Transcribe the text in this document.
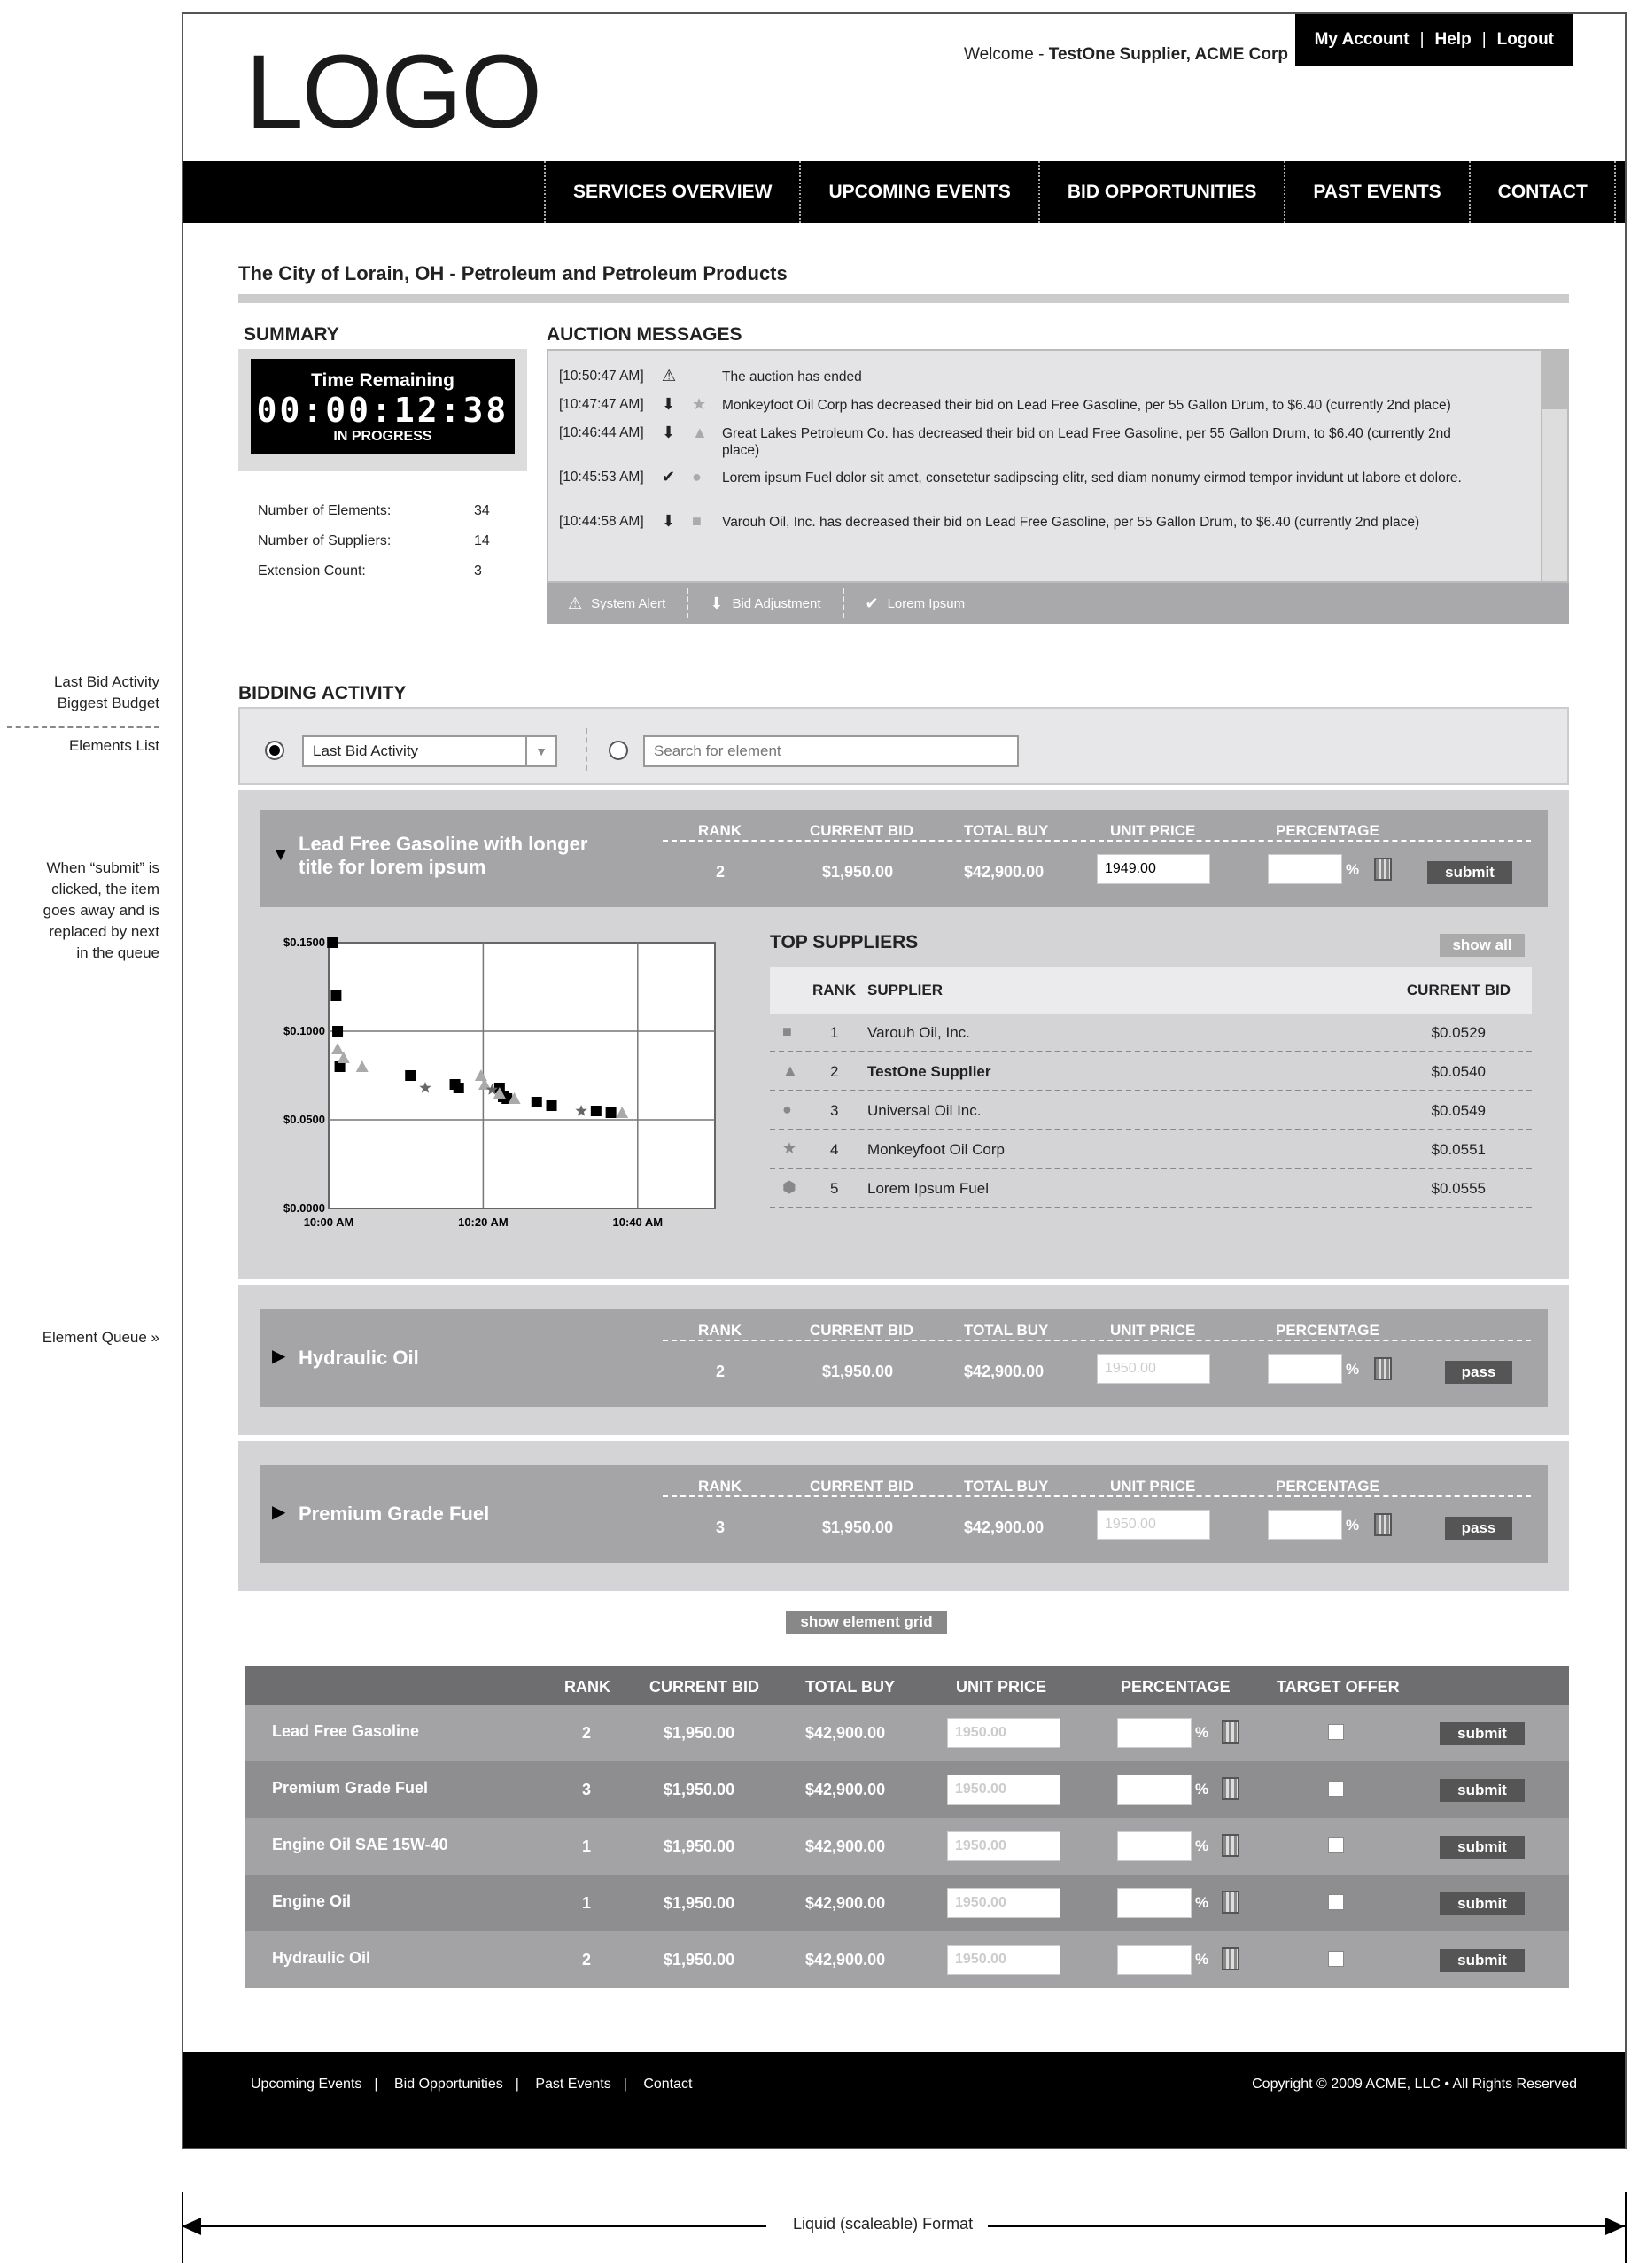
Last Bid Activity
Biggest Budget
Elements List
When “submit” is
clicked, the item
goes away and is
replaced by next
in the queue
Element Queue »
LOGO	Welcome - TestOne Supplier, ACME Corp
My Account | Help | Logout
SERVICES OVERVIEW	UPCOMING EVENTS	BID OPPORTUNITIES	PAST EVENTS	CONTACT
The City of Lorain, OH - Petroleum and Petroleum Products
SUMMARY
Time Remaining
00:00:12:38
IN PROGRESS
Number of Elements:	34
Number of Suppliers:	14
Extension Count:	3
AUCTION MESSAGES
[10:50:47 AM] ⚠	The auction has ended
[10:47:47 AM] ⬇ ★ Monkeyfoot Oil Corp has decreased their bid on Lead Free Gasoline, per 55 Gallon Drum, to $6.40 (currently 2nd place)
[10:46:44 AM] ⬇ ▲ Great Lakes Petroleum Co. has decreased their bid on Lead Free Gasoline, per 55 Gallon Drum, to $6.40 (currently 2nd place)
[10:45:53 AM] ✔ ● Lorem ipsum Fuel dolor sit amet, consetetur sadipscing elitr, sed diam nonumy eirmod tempor invidunt ut labore et dolore.
[10:44:58 AM] ⬇ ■ Varouh Oil, Inc. has decreased their bid on Lead Free Gasoline, per 55 Gallon Drum, to $6.40 (currently 2nd place)
⚠ System Alert	⬇ Bid Adjustment	✔ Lorem Ipsum
BIDDING ACTIVITY
Last Bid Activity	▼
Search for element
▼ Lead Free Gasoline with longer
title for lorem ipsum
RANK	CURRENT BID	TOTAL BUY	UNIT PRICE	PERCENTAGE
2	$1,950.00	$42,900.00	1949.00	%	submit
10:00 AM	10:20 AM	10:40 AM
$0.0000
$0.0500
$0.1000
$0.1500	TOP SUPPLIERS	show all
RANK SUPPLIER	CURRENT BID
■	1 Varouh Oil, Inc.	$0.0529
▲ 2 TestOne Supplier	$0.0540
●	3 Universal Oil Inc.	$0.0549
★ 4 Monkeyfoot Oil Corp	$0.0551
⬢ 5 Lorem Ipsum Fuel	$0.0555
▶ Hydraulic Oil
RANK	CURRENT BID	TOTAL BUY	UNIT PRICE	PERCENTAGE
2	$1,950.00	$42,900.00	1950.00	%	pass
▶ Premium Grade Fuel
RANK	CURRENT BID	TOTAL BUY	UNIT PRICE	PERCENTAGE
3	$1,950.00	$42,900.00	1950.00	%	pass
show element grid
RANK CURRENT BID	TOTAL BUY	UNIT PRICE	PERCENTAGE	TARGET OFFER
Lead Free Gasoline	2	$1,950.00	$42,900.00	1950.00	%	submit
Premium Grade Fuel	3	$1,950.00	$42,900.00	1950.00	%	submit
Engine Oil SAE 15W-40	1	$1,950.00	$42,900.00	1950.00	%	submit
Engine Oil	1	$1,950.00	$42,900.00	1950.00	%	submit
Hydraulic Oil	2	$1,950.00	$42,900.00	1950.00	%	submit
Upcoming Events | Bid Opportunities | Past Events | Contact	Copyright © 2009 ACME, LLC • All Rights Reserved
Liquid (scaleable) Format
